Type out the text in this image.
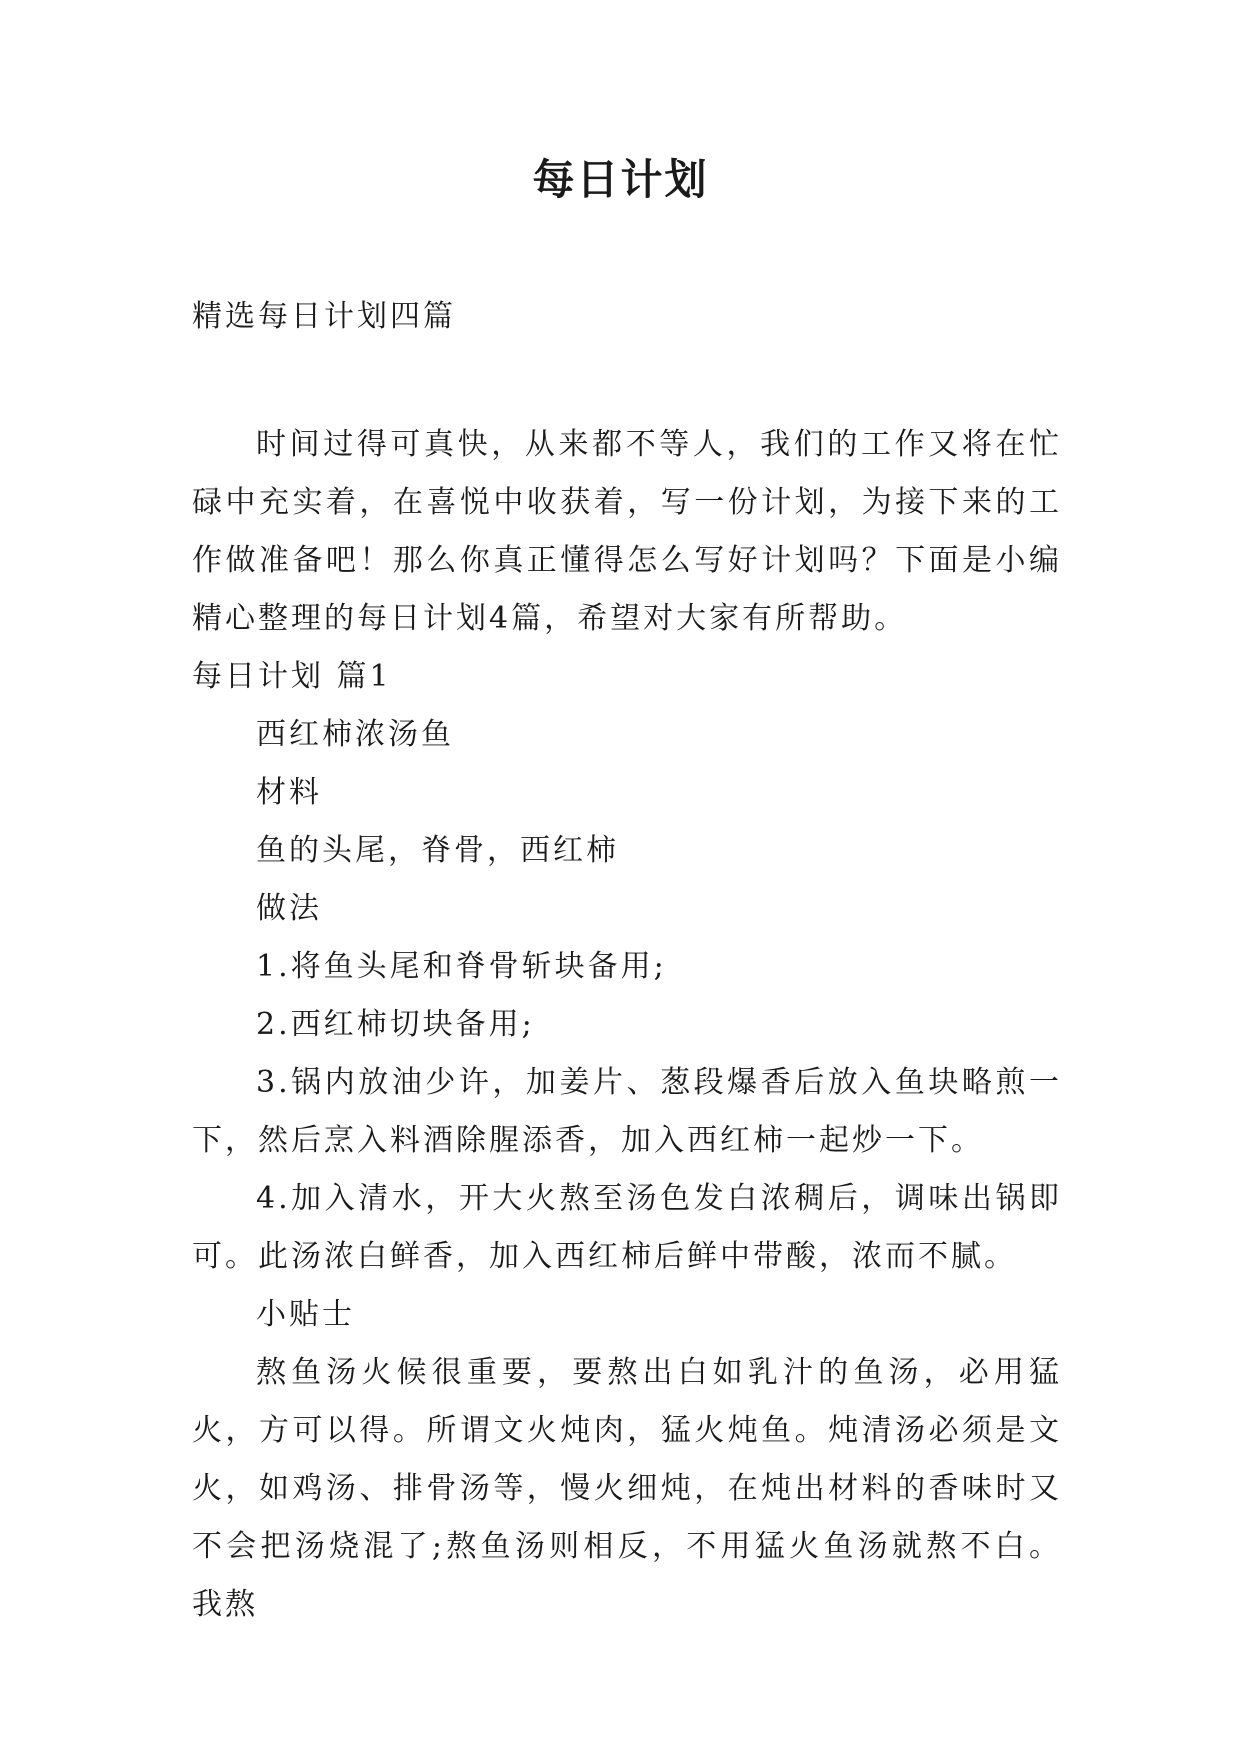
每日计划

精选每日计划四篇

时间过得可真快，从来都不等人，我们的工作又将在忙碌中充实着，在喜悦中收获着，写一份计划，为接下来的工作做准备吧！那么你真正懂得怎么写好计划吗？下面是小编精心整理的每日计划4篇，希望对大家有所帮助。

每日计划 篇1

西红柿浓汤鱼

材料

鱼的头尾，脊骨，西红柿

做法

1.将鱼头尾和脊骨斩块备用;

2.西红柿切块备用;

3.锅内放油少许，加姜片、葱段爆香后放入鱼块略煎一下，然后烹入料酒除腥添香，加入西红柿一起炒一下。

4.加入清水，开大火熬至汤色发白浓稠后，调味出锅即可。此汤浓白鲜香，加入西红柿后鲜中带酸，浓而不腻。

小贴士

熬鱼汤火候很重要，要熬出白如乳汁的鱼汤，必用猛火，方可以得。所谓文火炖肉，猛火炖鱼。炖清汤必须是文火，如鸡汤、排骨汤等，慢火细炖，在炖出材料的香味时又不会把汤烧混了;熬鱼汤则相反，不用猛火鱼汤就熬不白。我熬
